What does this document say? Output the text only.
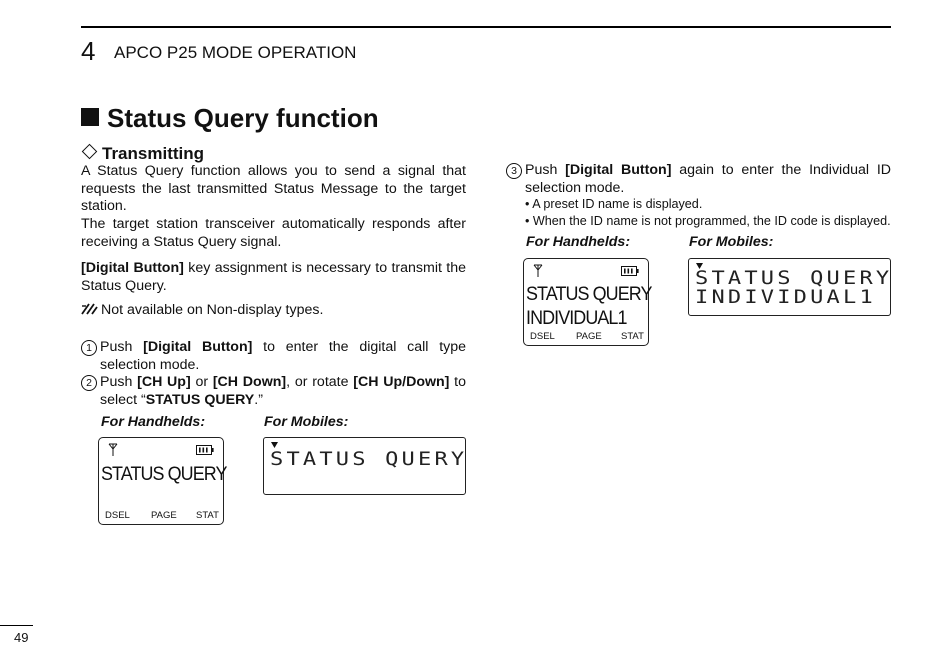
4 APCO P25 MODE OPERATION
Status Query function
Transmitting
A Status Query function allows you to send a signal that requests the last transmitted Status Message to the target station.
The target station transceiver automatically responds after receiving a Status Query signal.
[Digital Button] key assignment is necessary to transmit the Status Query.
Not available on Non-display types.
1 Push [Digital Button] to enter the digital call type selection mode.
2 Push [CH Up] or [CH Down], or rotate [CH Up/Down] to select “STATUS QUERY.”
For Handhelds:	For Mobiles:
STATUS QUERY
DSEL PAGE STAT
STATUS QUERY
3 Push [Digital Button] again to enter the Individual ID selection mode.
• A preset ID name is displayed.
• When the ID name is not programmed, the ID code is displayed.
For Handhelds:	For Mobiles:
STATUS QUERY
INDIVIDUAL1
DSEL PAGE STAT
STATUS QUERY
INDIVIDUAL1
49
